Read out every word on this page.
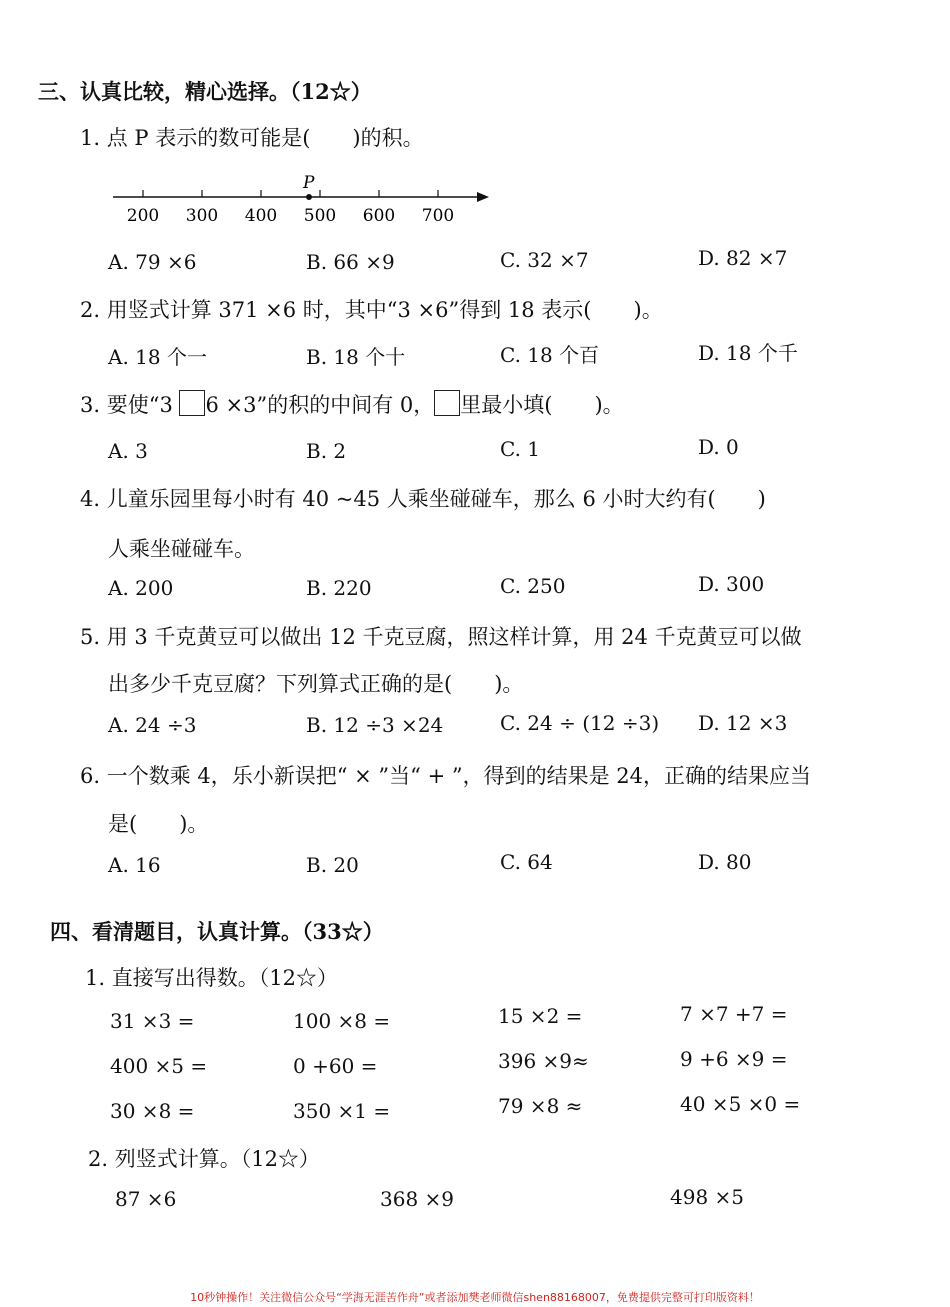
三、认真比较，精心选择。（12☆）
1. 点 P 表示的数可能是(　　)的积。
P
200 300 400 500 600 700
A. 79 ×6	B. 66 ×9	C. 32 ×7	D. 82 ×7
2. 用竖式计算 371 ×6 时，其中“3 ×6”得到 18 表示(　　)。
A. 18 个一	B. 18 个十	C. 18 个百	D. 18 个千
3. 要使“3 6 ×3”的积的中间有 0， 里最小填(　　)。
A. 3	B. 2	C. 1	D. 0
4. 儿童乐园里每小时有 40 ~45 人乘坐碰碰车，那么 6 小时大约有(　　)
人乘坐碰碰车。
A. 200	B. 220	C. 250	D. 300
5. 用 3 千克黄豆可以做出 12 千克豆腐，照这样计算，用 24 千克黄豆可以做
出多少千克豆腐？下列算式正确的是(　　)。
A. 24 ÷3	B. 12 ÷3 ×24	C. 24 ÷ (12 ÷3) D. 12 ×3
6. 一个数乘 4，乐小新误把“ × ”当“ + ”，得到的结果是 24，正确的结果应当
是(　　)。
A. 16	B. 20	C. 64	D. 80
四、看清题目，认真计算。（33☆）
1. 直接写出得数。（12☆）
31 ×3 =	100 ×8 =	15 ×2 =	7 ×7 +7 =
400 ×5 =	0 +60 =	396 ×9≈	9 +6 ×9 =
30 ×8 =	350 ×1 =	79 ×8 ≈	40 ×5 ×0 =
2. 列竖式计算。（12☆）
87 ×6	368 ×9	498 ×5
10秒钟操作！关注微信公众号“学海无涯苦作舟”或者添加樊老师微信shen88168007，免费提供完整可打印版资料！
